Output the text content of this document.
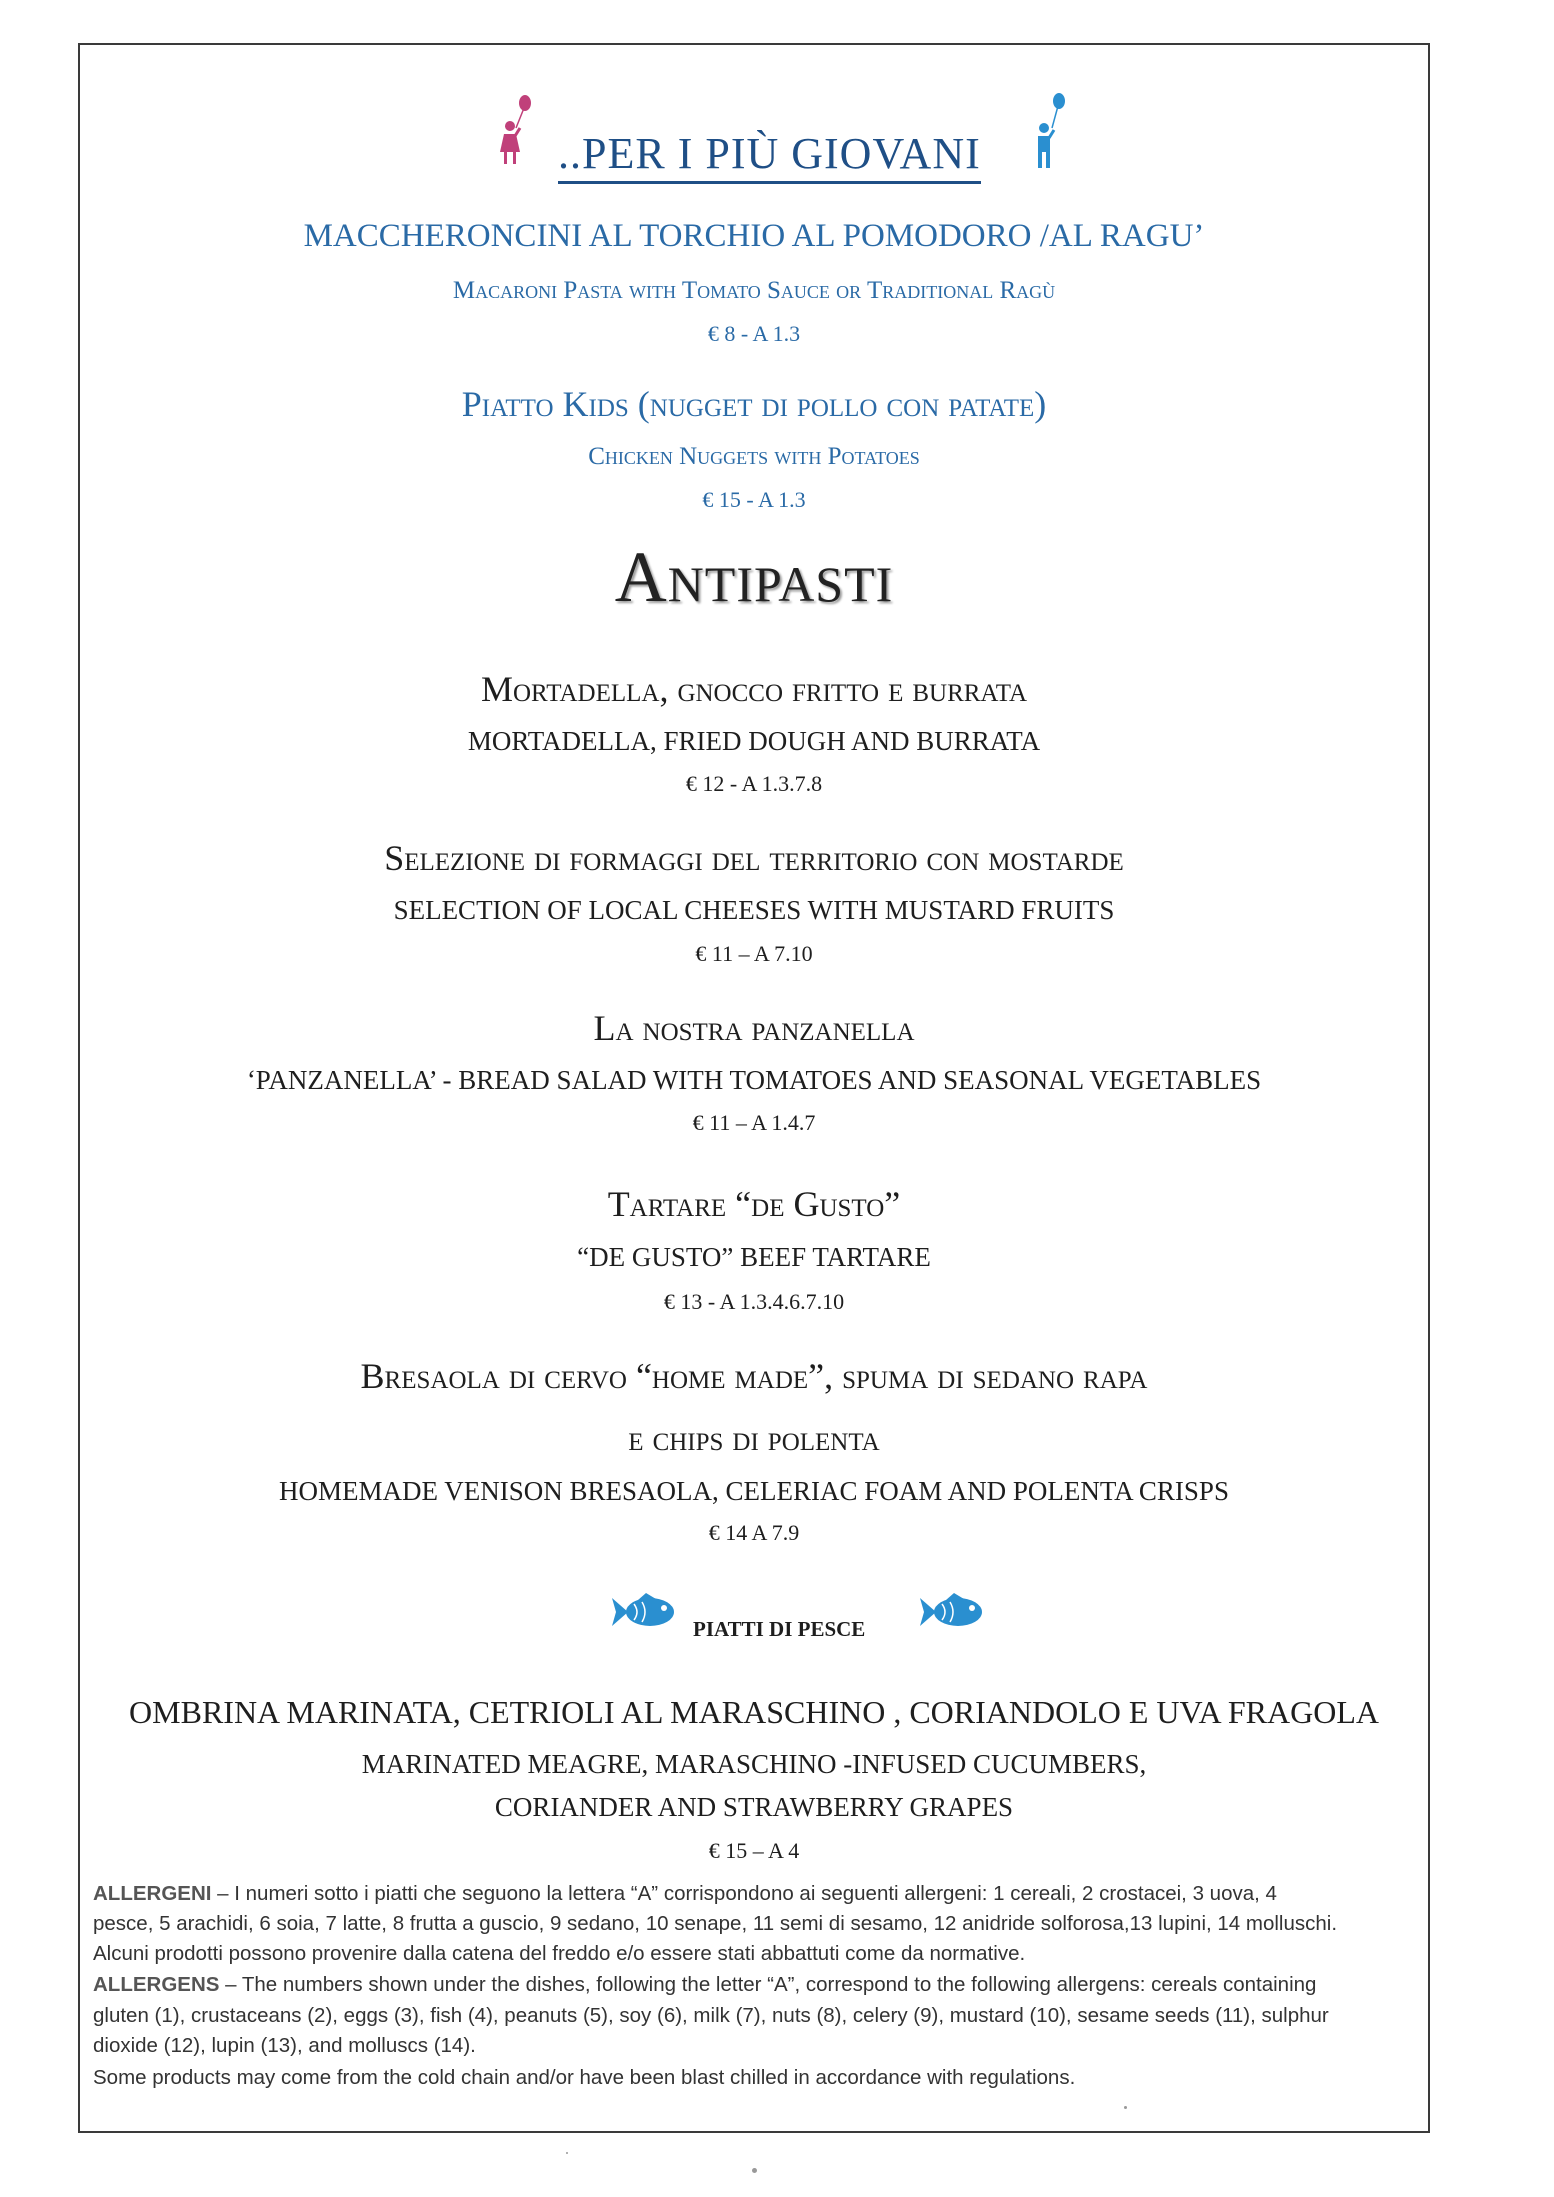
..PER I PIÙ GIOVANI
MACCHERONCINI AL TORCHIO AL POMODORO /AL RAGU’
Macaroni Pasta with Tomato Sauce or Traditional Ragù
€ 8 - A 1.3
Piatto Kids (nugget di pollo con patate)
Chicken Nuggets with Potatoes
€ 15 - A 1.3
Antipasti
Mortadella, gnocco fritto e burrata
MORTADELLA, FRIED DOUGH AND BURRATA
€ 12 - A 1.3.7.8
Selezione di formaggi del territorio con mostarde
SELECTION OF LOCAL CHEESES WITH MUSTARD FRUITS
€ 11 – A 7.10
La nostra panzanella
‘PANZANELLA’ - BREAD SALAD WITH TOMATOES AND SEASONAL VEGETABLES
€ 11 – A 1.4.7
Tartare “de Gusto”
“DE GUSTO” BEEF TARTARE
€ 13 - A 1.3.4.6.7.10
Bresaola di cervo “home made”, spuma di sedano rapa
e chips di polenta
HOMEMADE VENISON BRESAOLA, CELERIAC FOAM AND POLENTA CRISPS
€ 14 A 7.9
PIATTI DI PESCE
OMBRINA MARINATA, CETRIOLI AL MARASCHINO , CORIANDOLO E UVA FRAGOLA
MARINATED MEAGRE, MARASCHINO -INFUSED CUCUMBERS,
CORIANDER AND STRAWBERRY GRAPES
€ 15 – A 4
ALLERGENI – I numeri sotto i piatti che seguono la lettera “A” corrispondono ai seguenti allergeni: 1 cereali, 2 crostacei, 3 uova, 4
pesce, 5 arachidi, 6 soia, 7 latte, 8 frutta a guscio, 9 sedano, 10 senape, 11 semi di sesamo, 12 anidride solforosa,13 lupini, 14 molluschi.
Alcuni prodotti possono provenire dalla catena del freddo e/o essere stati abbattuti come da normative.
ALLERGENS – The numbers shown under the dishes, following the letter “A”, correspond to the following allergens: cereals containing
gluten (1), crustaceans (2), eggs (3), fish (4), peanuts (5), soy (6), milk (7), nuts (8), celery (9), mustard (10), sesame seeds (11), sulphur
dioxide (12), lupin (13), and molluscs (14).
Some products may come from the cold chain and/or have been blast chilled in accordance with regulations.
